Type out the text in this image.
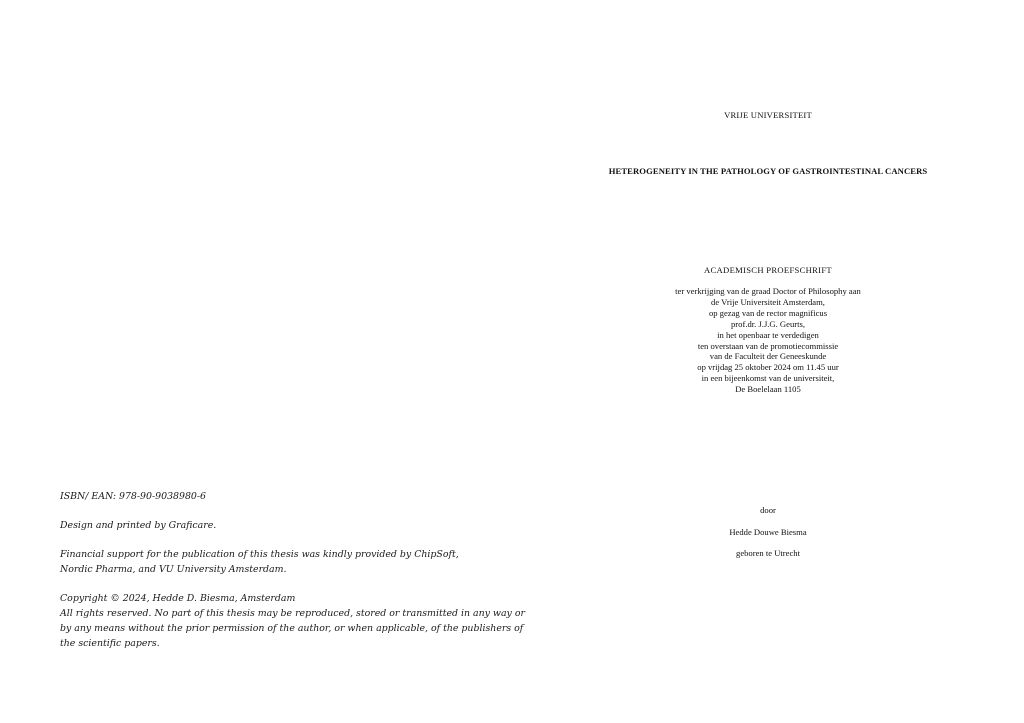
ISBN/ EAN: 978-90-9038980-6
Design and printed by Graficare.
Financial support for the publication of this thesis was kindly provided by ChipSoft,
Nordic Pharma, and VU University Amsterdam.
Copyright © 2024, Hedde D. Biesma, Amsterdam
All rights reserved. No part of this thesis may be reproduced, stored or transmitted in any way or
by any means without the prior permission of the author, or when applicable, of the publishers of
the scientific papers.
VRIJE UNIVERSITEIT
HETEROGENEITY IN THE PATHOLOGY OF GASTROINTESTINAL CANCERS
ACADEMISCH PROEFSCHRIFT
ter verkrijging van de graad Doctor of Philosophy aan
de Vrije Universiteit Amsterdam,
op gezag van de rector magnificus
prof.dr. J.J.G. Geurts,
in het openbaar te verdedigen
ten overstaan van de promotiecommissie
van de Faculteit der Geneeskunde
op vrijdag 25 oktober 2024 om 11.45 uur
in een bijeenkomst van de universiteit,
De Boelelaan 1105
door
Hedde Douwe Biesma
geboren te Utrecht
